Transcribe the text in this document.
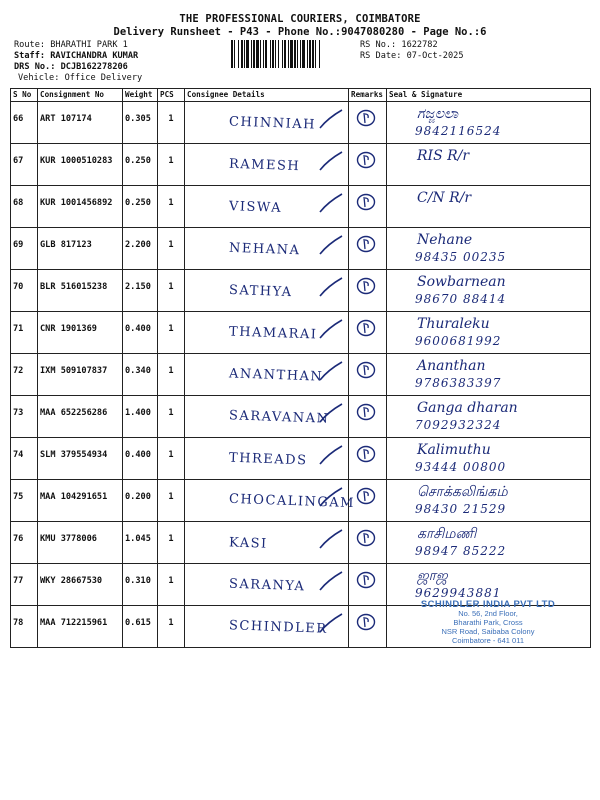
THE PROFESSIONAL COURIERS, COIMBATORE
Delivery Runsheet - P43 - Phone No.:9047080280 - Page No.:6
Route: BHARATHI PARK 1
Staff: RAVICHANDRA KUMAR
DRS No.: DCJB162278206
Vehicle: Office Delivery
RS No.: 1622782
RS Date: 07-Oct-2025
S No	Consignment No	Weight	PCS	Consignee Details	Remarks	Seal & Signature
66	ART 107174	0.305	1	CHINNIAH		ಗಜ್ಜಲಲಾ
9842116524

67	KUR 1000510283	0.250	1	RAMESH		RIS R/r

68	KUR 1001456892	0.250	1	VISWA		C/N R/r

69	GLB 817123	2.200	1	NEHANA		Nehane
98435 00235

70	BLR 516015238	2.150	1	SATHYA		Sowbarnean
98670 88414

71	CNR 1901369	0.400	1	THAMARAI		Thuraleku
9600681992

72	IXM 509107837	0.340	1	ANANTHAN		Ananthan
9786383397

73	MAA 652256286	1.400	1	SARAVANAN		Ganga dharan
7092932324

74	SLM 379554934	0.400	1	THREADS		Kalimuthu
93444 00800

75	MAA 104291651	0.200	1	CHOCALINGAM		சொக்கலிங்கம்
98430 21529

76	KMU 3778006	1.045	1	KASI		காசிமணி
98947 85222

77	WKY 28667530	0.310	1	SARANYA		ஜாஜ
9629943881

78	MAA 712215961	0.615	1	SCHINDLER		SCHINDLER INDIA PVT LTD
No. 56, 2nd Floor,
Bharathi Park, Cross
NSR Road, Saibaba Colony
Coimbatore - 641 011
